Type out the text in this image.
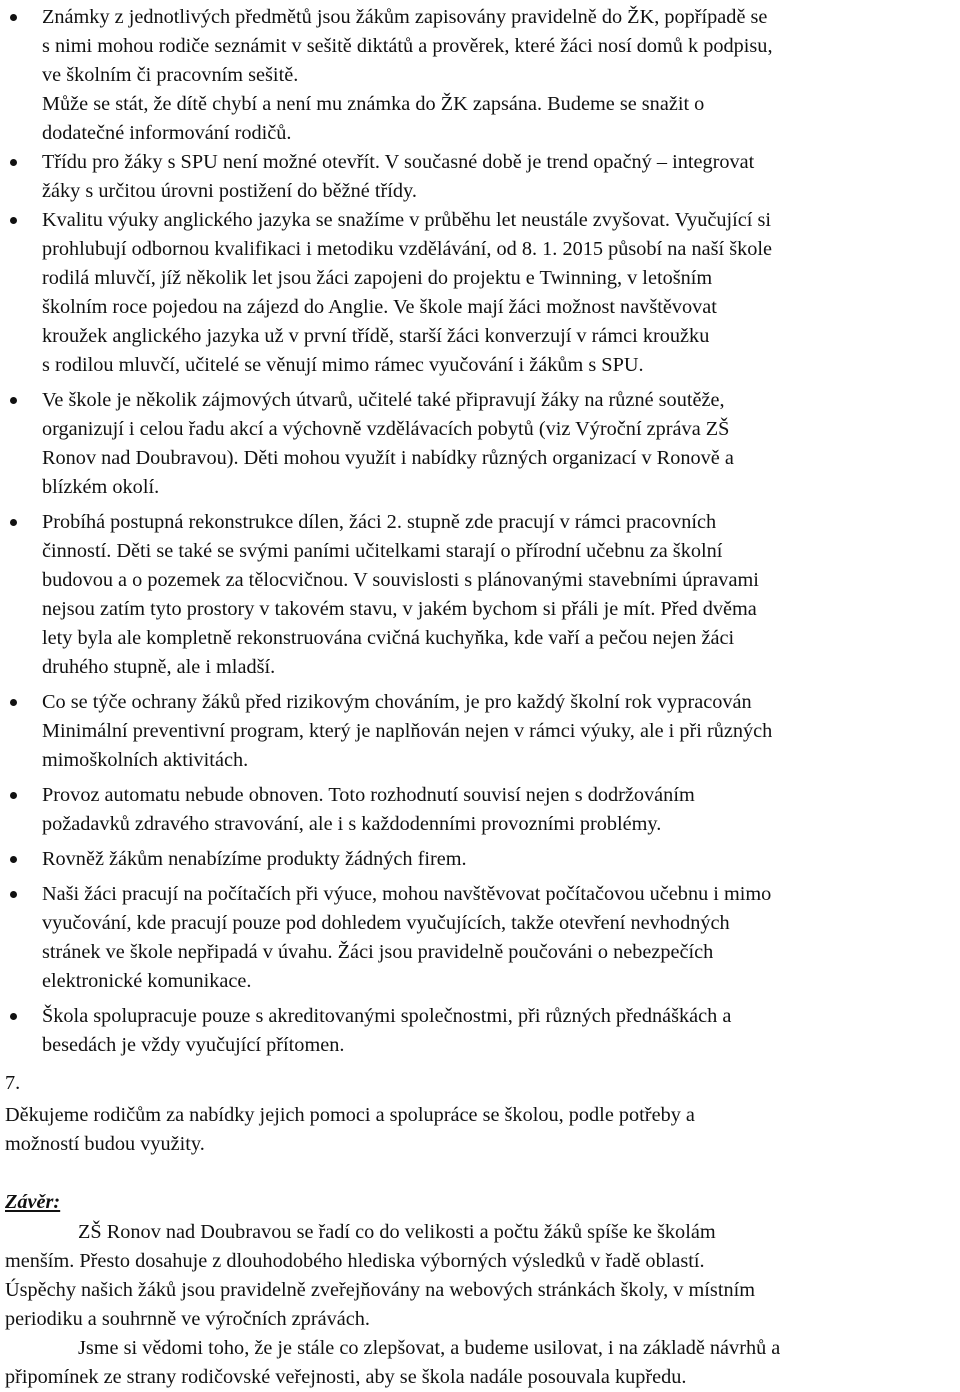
Známky z jednotlivých předmětů jsou žákům zapisovány pravidelně do ŽK, popřípadě se
s nimi mohou rodiče seznámit v sešitě diktátů a prověrek, které žáci nosí domů k podpisu,
ve školním či pracovním sešitě.
Může se stát, že dítě chybí a není mu známka do ŽK zapsána. Budeme se snažit o
dodatečné informování rodičů.
Třídu pro žáky s SPU není možné otevřít. V současné době je trend opačný – integrovat
žáky s určitou úrovni postižení do běžné třídy.
Kvalitu výuky anglického jazyka se snažíme v průběhu let neustále zvyšovat. Vyučující si
prohlubují odbornou kvalifikaci i metodiku vzdělávání, od 8. 1. 2015 působí na naší škole
rodilá mluvčí, jíž několik let jsou žáci zapojeni do projektu e Twinning, v letošním
školním roce pojedou na zájezd do Anglie. Ve škole mají žáci možnost navštěvovat
kroužek anglického jazyka už v první třídě, starší žáci konverzují v rámci kroužku
s rodilou mluvčí, učitelé se věnují mimo rámec vyučování i žákům s SPU.
Ve škole je několik zájmových útvarů, učitelé také připravují žáky na různé soutěže,
organizují i celou řadu akcí a výchovně vzdělávacích pobytů (viz Výroční zpráva ZŠ
Ronov nad Doubravou). Děti mohou využít i nabídky různých organizací v Ronově a
blízkém okolí.
Probíhá postupná rekonstrukce dílen, žáci 2. stupně zde pracují v rámci pracovních
činností. Děti se také se svými paními učitelkami starají o přírodní učebnu za školní
budovou a o pozemek za tělocvičnou. V souvislosti s plánovanými stavebními úpravami
nejsou zatím tyto prostory v takovém stavu, v jakém bychom si přáli je mít. Před dvěma
lety byla ale kompletně rekonstruována cvičná kuchyňka, kde vaří a pečou nejen žáci
druhého stupně, ale i mladší.
Co se týče ochrany žáků před rizikovým chováním, je pro každý školní rok vypracován
Minimální preventivní program, který je naplňován nejen v rámci výuky, ale i při různých
mimoškolních aktivitách.
Provoz automatu nebude obnoven. Toto rozhodnutí souvisí nejen s dodržováním
požadavků zdravého stravování, ale i s každodenními provozními problémy.
Rovněž žákům nenabízíme produkty žádných firem.
Naši žáci pracují na počítačích při výuce, mohou navštěvovat počítačovou učebnu i mimo
vyučování, kde pracují pouze pod dohledem vyučujících, takže otevření nevhodných
stránek ve škole nepřipadá v úvahu. Žáci jsou pravidelně poučováni o nebezpečích
elektronické komunikace.
Škola spolupracuje pouze s akreditovanými společnostmi, při různých přednáškách a
besedách je vždy vyučující přítomen.
7.
Děkujeme rodičům za nabídky jejich pomoci a spolupráce se školou, podle potřeby a
možností budou využity.
Závěr:
ZŠ Ronov nad Doubravou se řadí co do velikosti a počtu žáků spíše ke školám
menším. Přesto dosahuje z dlouhodobého hlediska výborných výsledků v řadě oblastí.
Úspěchy našich žáků jsou pravidelně zveřejňovány na webových stránkách školy, v místním
periodiku a souhrnně ve výročních zprávách.
Jsme si vědomi toho, že je stále co zlepšovat, a budeme usilovat, i na základě návrhů a
připomínek ze strany rodičovské veřejnosti, aby se škola nadále posouvala kupředu.
